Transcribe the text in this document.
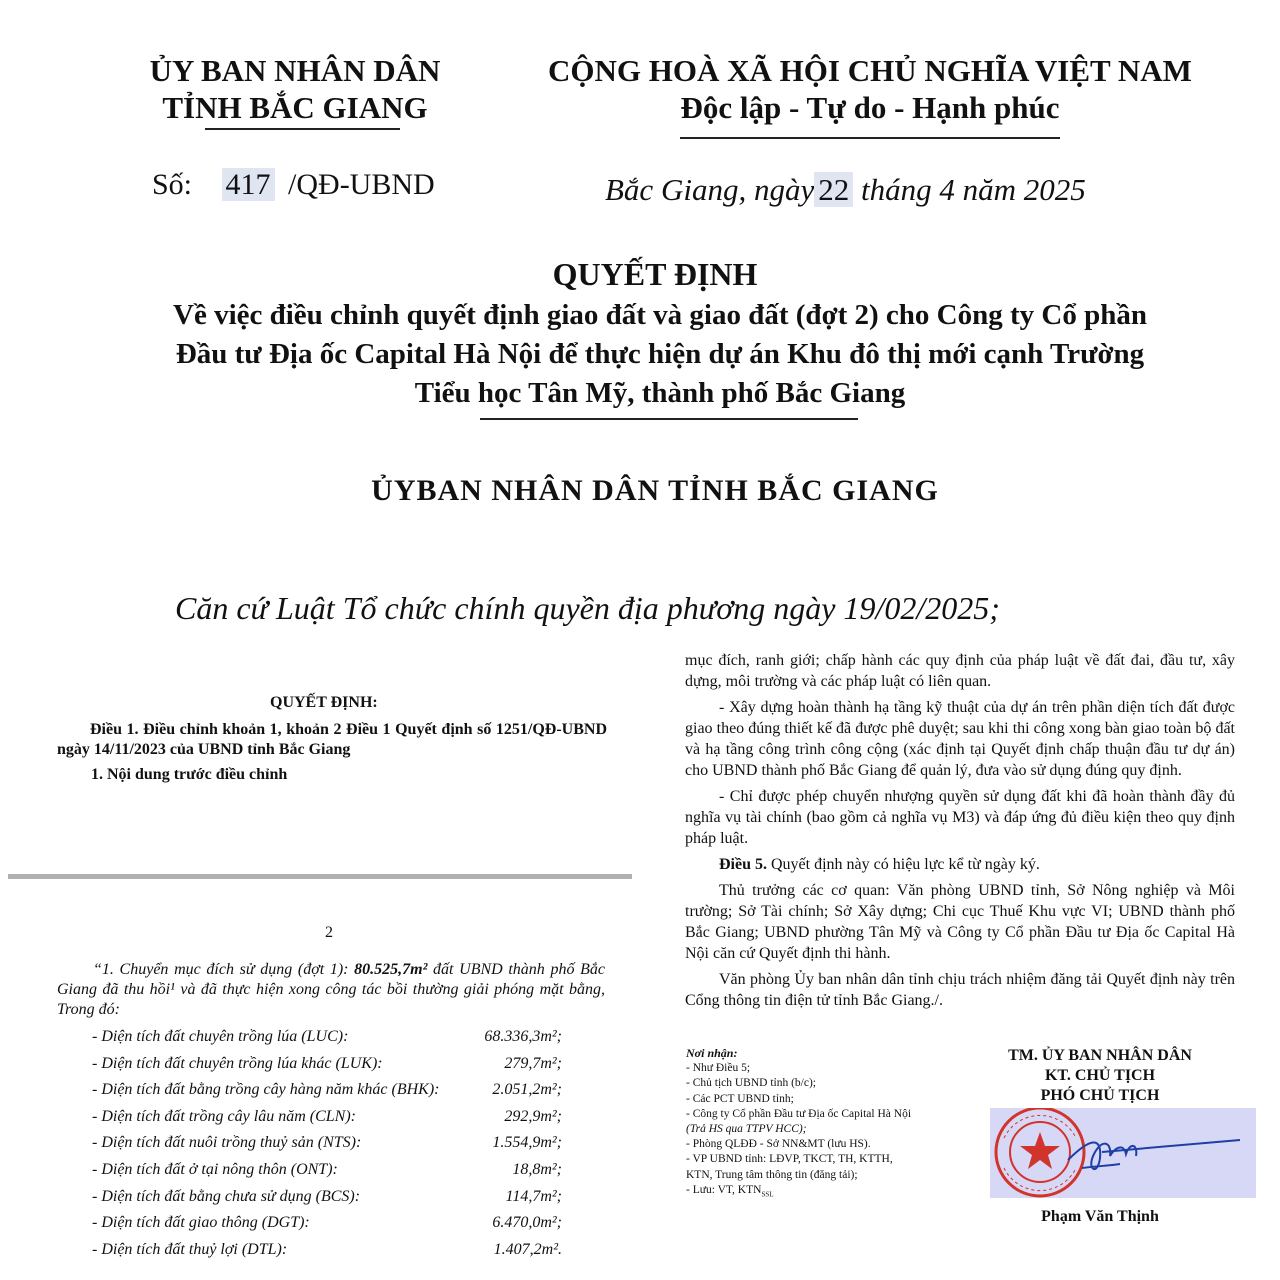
ỦY BAN NHÂN DÂN
TỈNH BẮC GIANG
CỘNG HOÀ XÃ HỘI CHỦ NGHĨA VIỆT NAM
Độc lập - Tự do - Hạnh phúc
Số: 417 /QĐ-UBND	Bắc Giang, ngày 22 tháng 4 năm 2025
QUYẾT ĐỊNH
Về việc điều chỉnh quyết định giao đất và giao đất (đợt 2) cho Công ty Cổ phần
Đầu tư Địa ốc Capital Hà Nội để thực hiện dự án Khu đô thị mới cạnh Trường
Tiểu học Tân Mỹ, thành phố Bắc Giang
ỦYBAN NHÂN DÂN TỈNH BẮC GIANG
Căn cứ Luật Tổ chức chính quyền địa phương ngày 19/02/2025;
QUYẾT ĐỊNH:
Điều 1. Điều chỉnh khoản 1, khoản 2 Điều 1 Quyết định số 1251/QĐ-UBND ngày 14/11/2023 của UBND tỉnh Bắc Giang
1. Nội dung trước điều chỉnh
2
“1. Chuyển mục đích sử dụng (đợt 1): 80.525,7m² đất UBND thành phố Bắc Giang đã thu hồi¹ và đã thực hiện xong công tác bồi thường giải phóng mặt bằng, Trong đó:
- Diện tích đất chuyên trồng lúa (LUC):	68.336,3m²;
- Diện tích đất chuyên trồng lúa khác (LUK):	279,7m²;
- Diện tích đất bằng trồng cây hàng năm khác (BHK):	2.051,2m²;
- Diện tích đất trồng cây lâu năm (CLN):	292,9m²;
- Diện tích đất nuôi trồng thuỷ sản (NTS):	1.554,9m²;
- Diện tích đất ở tại nông thôn (ONT):	18,8m²;
- Diện tích đất bằng chưa sử dụng (BCS):	114,7m²;
- Diện tích đất giao thông (DGT):	6.470,0m²;
- Diện tích đất thuỷ lợi (DTL):	1.407,2m².

mục đích, ranh giới; chấp hành các quy định của pháp luật về đất đai, đầu tư, xây dựng, môi trường và các pháp luật có liên quan.

- Xây dựng hoàn thành hạ tầng kỹ thuật của dự án trên phần diện tích đất được giao theo đúng thiết kế đã được phê duyệt; sau khi thi công xong bàn giao toàn bộ đất và hạ tầng công trình công cộng (xác định tại Quyết định chấp thuận đầu tư dự án) cho UBND thành phố Bắc Giang để quản lý, đưa vào sử dụng đúng quy định.

- Chỉ được phép chuyển nhượng quyền sử dụng đất khi đã hoàn thành đầy đủ nghĩa vụ tài chính (bao gồm cả nghĩa vụ M3) và đáp ứng đủ điều kiện theo quy định pháp luật.

Điều 5. Quyết định này có hiệu lực kể từ ngày ký.

Thủ trưởng các cơ quan: Văn phòng UBND tỉnh, Sở Nông nghiệp và Môi trường; Sở Tài chính; Sở Xây dựng; Chi cục Thuế Khu vực VI; UBND thành phố Bắc Giang; UBND phường Tân Mỹ và Công ty Cổ phần Đầu tư Địa ốc Capital Hà Nội căn cứ Quyết định thi hành.

Văn phòng Ủy ban nhân dân tỉnh chịu trách nhiệm đăng tải Quyết định này trên Cổng thông tin điện tử tỉnh Bắc Giang./.

Nơi nhận:
- Như Điều 5;
- Chủ tịch UBND tỉnh (b/c);
- Các PCT UBND tỉnh;
- Công ty Cổ phần Đầu tư Địa ốc Capital Hà Nội
(Trả HS qua TTPV HCC);
- Phòng QLĐĐ - Sở NN&MT (lưu HS).
- VP UBND tỉnh: LĐVP, TKCT, TH, KTTH,
KTN, Trung tâm thông tin (đăng tải);
- Lưu: VT, $KTN_{SSL}$
TM. ỦY BAN NHÂN DÂN
KT. CHỦ TỊCH
PHÓ CHỦ TỊCH
Phạm Văn Thịnh
